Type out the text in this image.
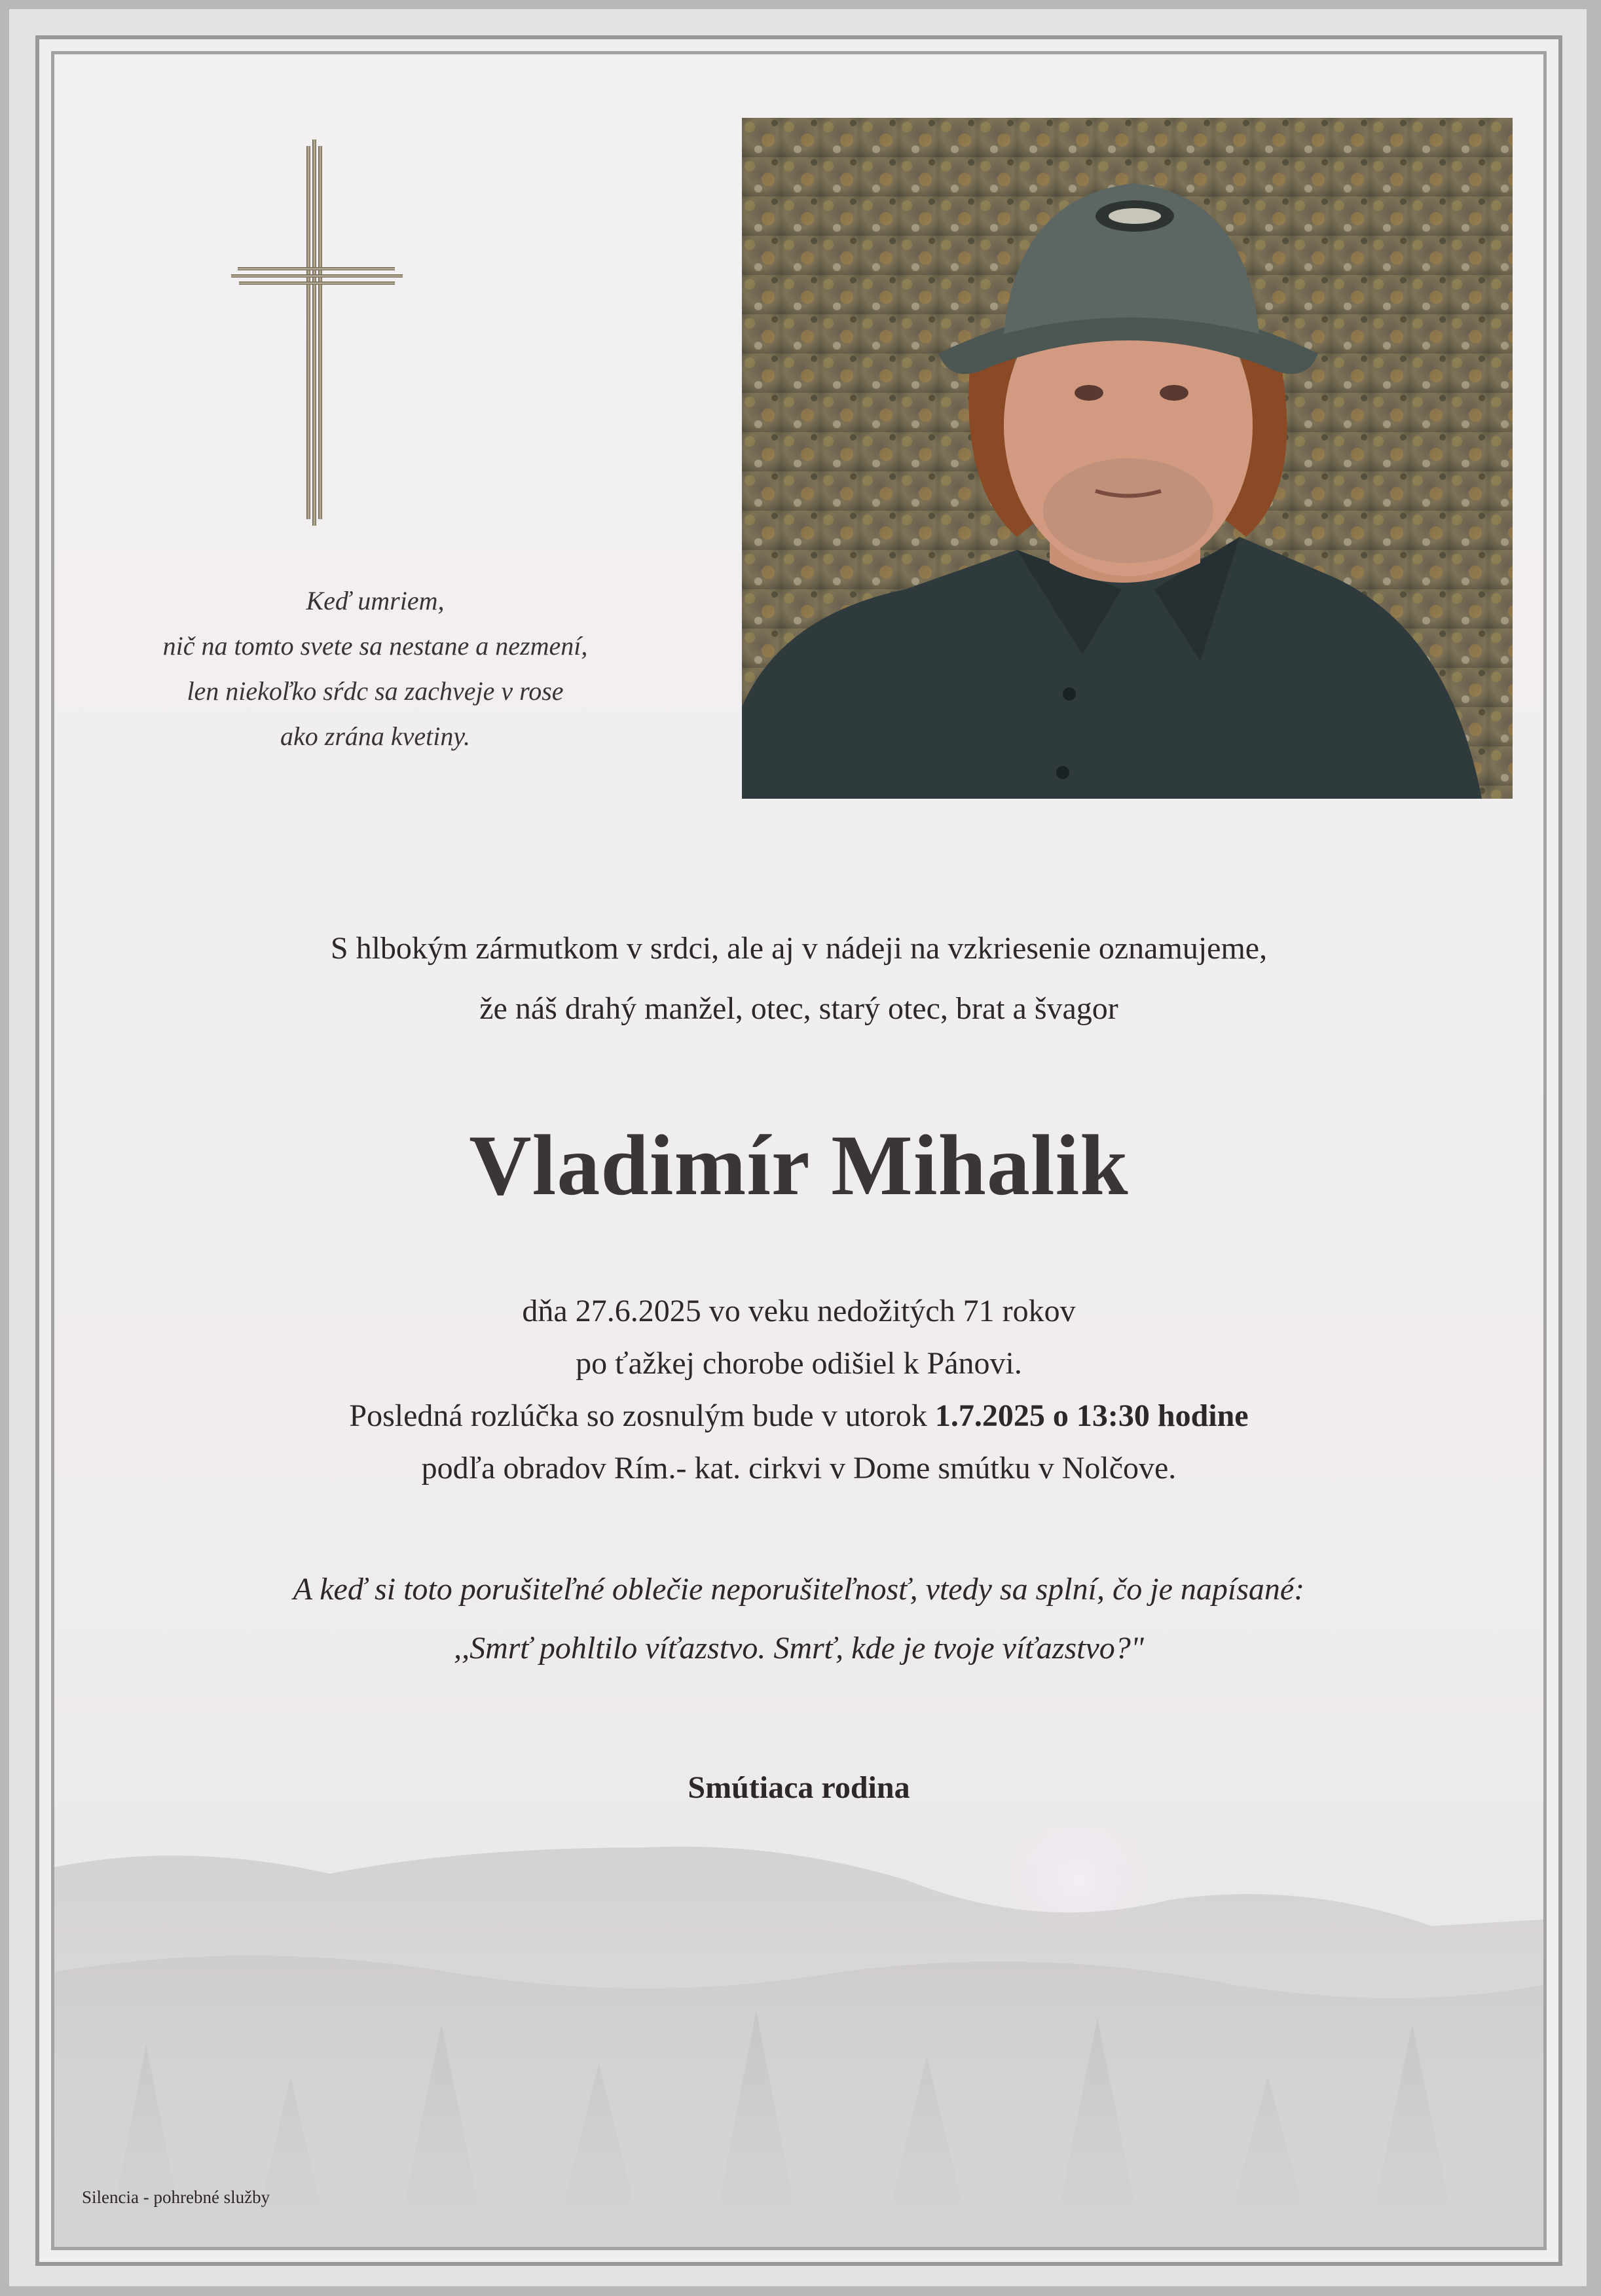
Keď umriem,
nič na tomto svete sa nestane a nezmení,
len niekoľko sŕdc sa zachveje v rose
ako zrána kvetiny.
S hlbokým zármutkom v srdci, ale aj v nádeji na vzkriesenie oznamujeme,
že náš drahý manžel, otec, starý otec, brat a švagor
Vladimír Mihalik
dňa 27.6.2025 vo veku nedožitých 71 rokov
po ťažkej chorobe odišiel k Pánovi.
Posledná rozlúčka so zosnulým bude v utorok 1.7.2025 o 13:30 hodine
podľa obradov Rím.- kat. cirkvi v Dome smútku v Nolčove.
A keď si toto porušiteľné oblečie neporušiteľnosť, vtedy sa splní, čo je napísané:
,,Smrť pohltilo víťazstvo. Smrť, kde je tvoje víťazstvo?"
Smútiaca rodina
Silencia - pohrebné služby
